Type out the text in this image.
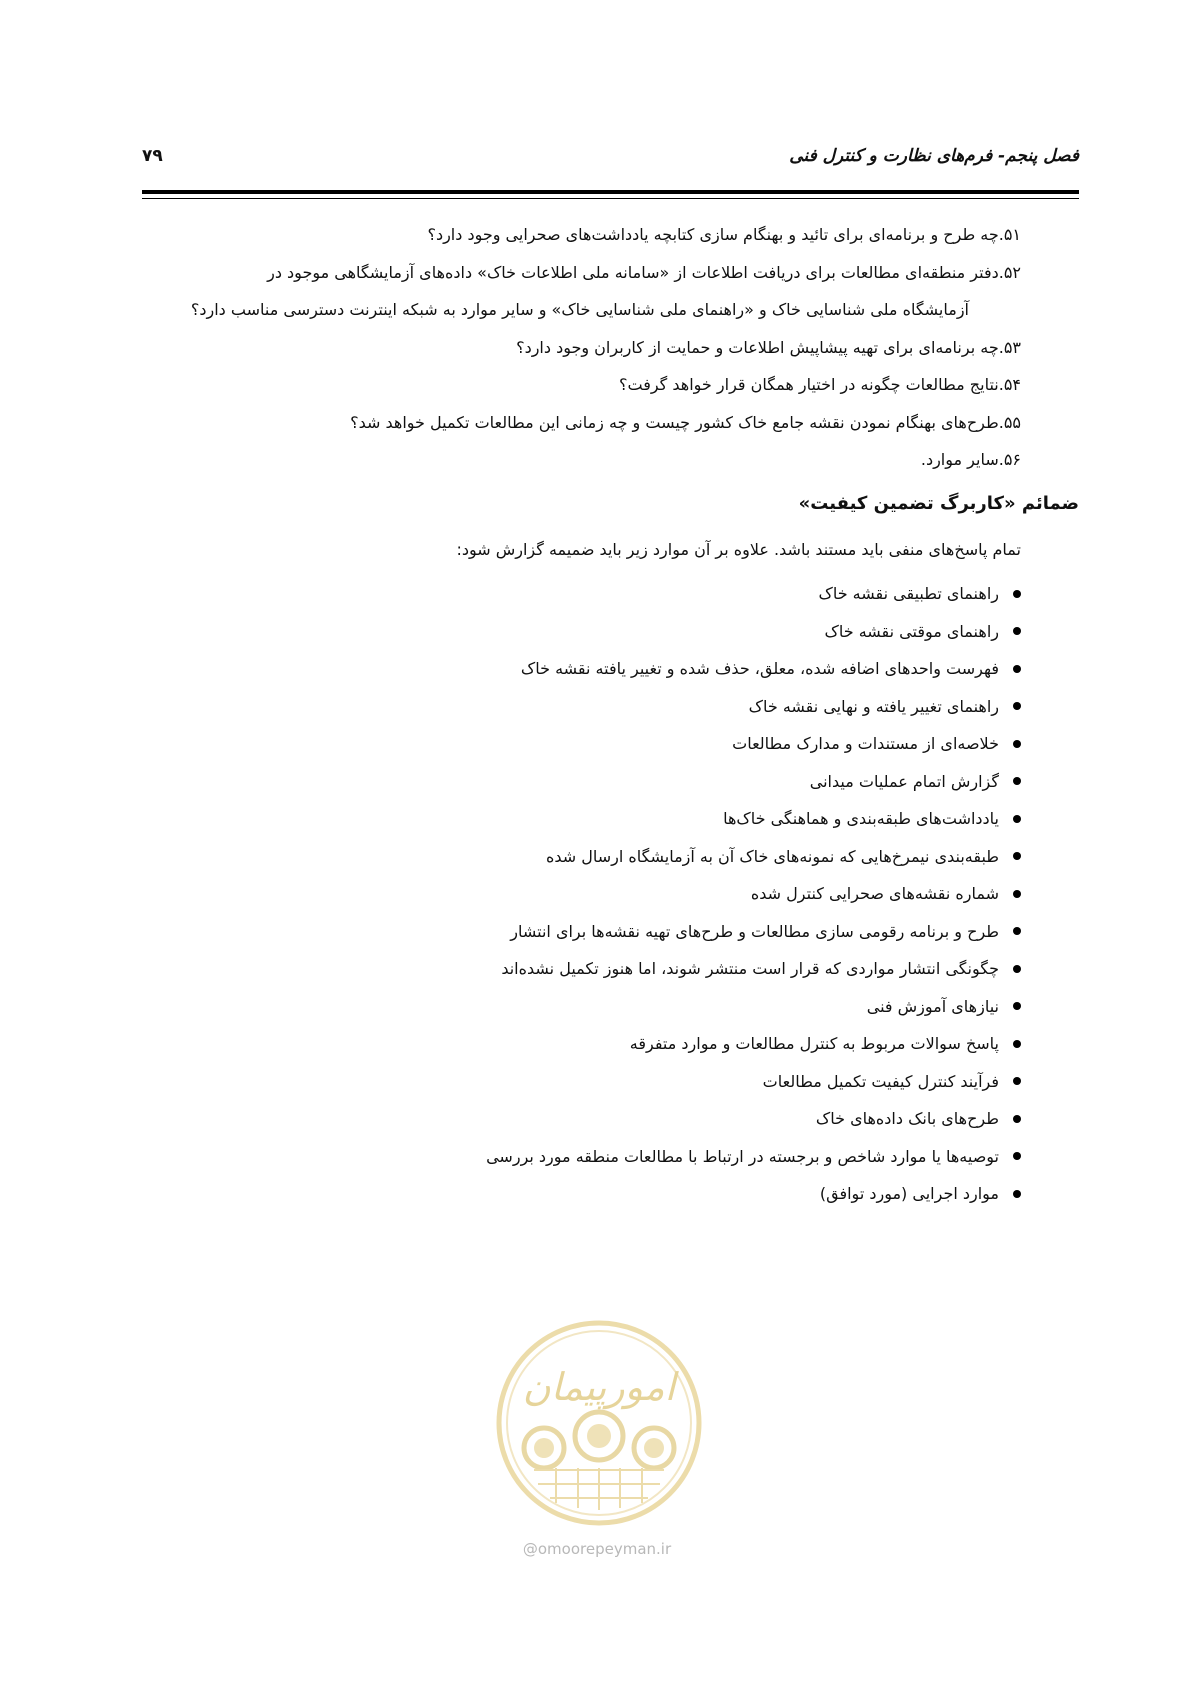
فصل پنجم- فرم‌های نظارت و کنترل فنی
۷۹
۵۱.چه طرح و برنامه‌ای برای تائید و بهنگام سازی کتابچه یادداشت‌های صحرایی وجود دارد؟
۵۲.دفتر منطقه‌ای مطالعات برای دریافت اطلاعات از «سامانه ملی اطلاعات خاک» داده‌های آزمایشگاهی موجود در
آزمایشگاه ملی شناسایی خاک و «راهنمای ملی شناسایی خاک» و سایر موارد به شبکه اینترنت دسترسی مناسب دارد؟
۵۳.چه برنامه‌ای برای تهیه پیشاپیش اطلاعات و حمایت از کاربران وجود دارد؟
۵۴.نتایج مطالعات چگونه در اختیار همگان قرار خواهد گرفت؟
۵۵.طرح‌های بهنگام نمودن نقشه جامع خاک کشور چیست و چه زمانی این مطالعات تکمیل خواهد شد؟
۵۶.سایر موارد.
ضمائم «کاربرگ تضمین کیفیت»
تمام پاسخ‌های منفی باید مستند باشد. علاوه بر آن موارد زیر باید ضمیمه گزارش شود:
راهنمای تطبیقی نقشه خاک
راهنمای موقتی نقشه خاک
فهرست واحدهای اضافه شده، معلق، حذف شده و تغییر یافته نقشه خاک
راهنمای تغییر یافته و نهایی نقشه خاک
خلاصه‌ای از مستندات و مدارک مطالعات
گزارش اتمام عملیات میدانی
یادداشت‌های طبقه‌بندی و هماهنگی خاک‌ها
طبقه‌بندی نیمرخ‌هایی که نمونه‌های خاک آن به آزمایشگاه ارسال شده
شماره نقشه‌های صحرایی کنترل شده
طرح و برنامه رقومی سازی مطالعات و طرح‌های تهیه نقشه‌ها برای انتشار
چگونگی انتشار مواردی که قرار است منتشر شوند، اما هنوز تکمیل نشده‌اند
نیازهای آموزش فنی
پاسخ سوالات مربوط به کنترل مطالعات و موارد متفرقه
فرآیند کنترل کیفیت تکمیل مطالعات
طرح‌های بانک داده‌های خاک
توصیه‌ها یا موارد شاخص و برجسته در ارتباط با مطالعات منطقه مورد بررسی
موارد اجرایی (مورد توافق)
امورپیمان
@omoorepeyman.ir
